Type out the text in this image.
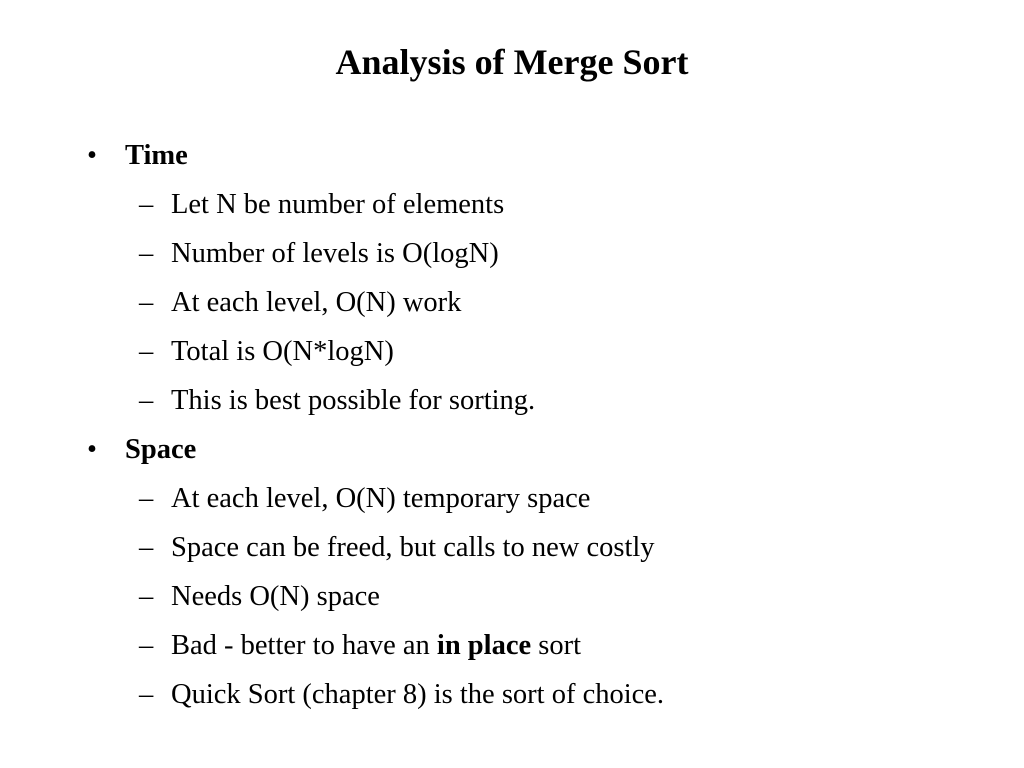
Analysis of Merge Sort
• Time
– Let N be number of elements
– Number of levels is O(logN)
– At each level, O(N) work
– Total is O(N*logN)
– This is best possible for sorting.
• Space
– At each level, O(N) temporary space
– Space can be freed, but calls to new costly
– Needs O(N) space
– Bad - better to have an in place sort
– Quick Sort (chapter 8) is the sort of choice.
